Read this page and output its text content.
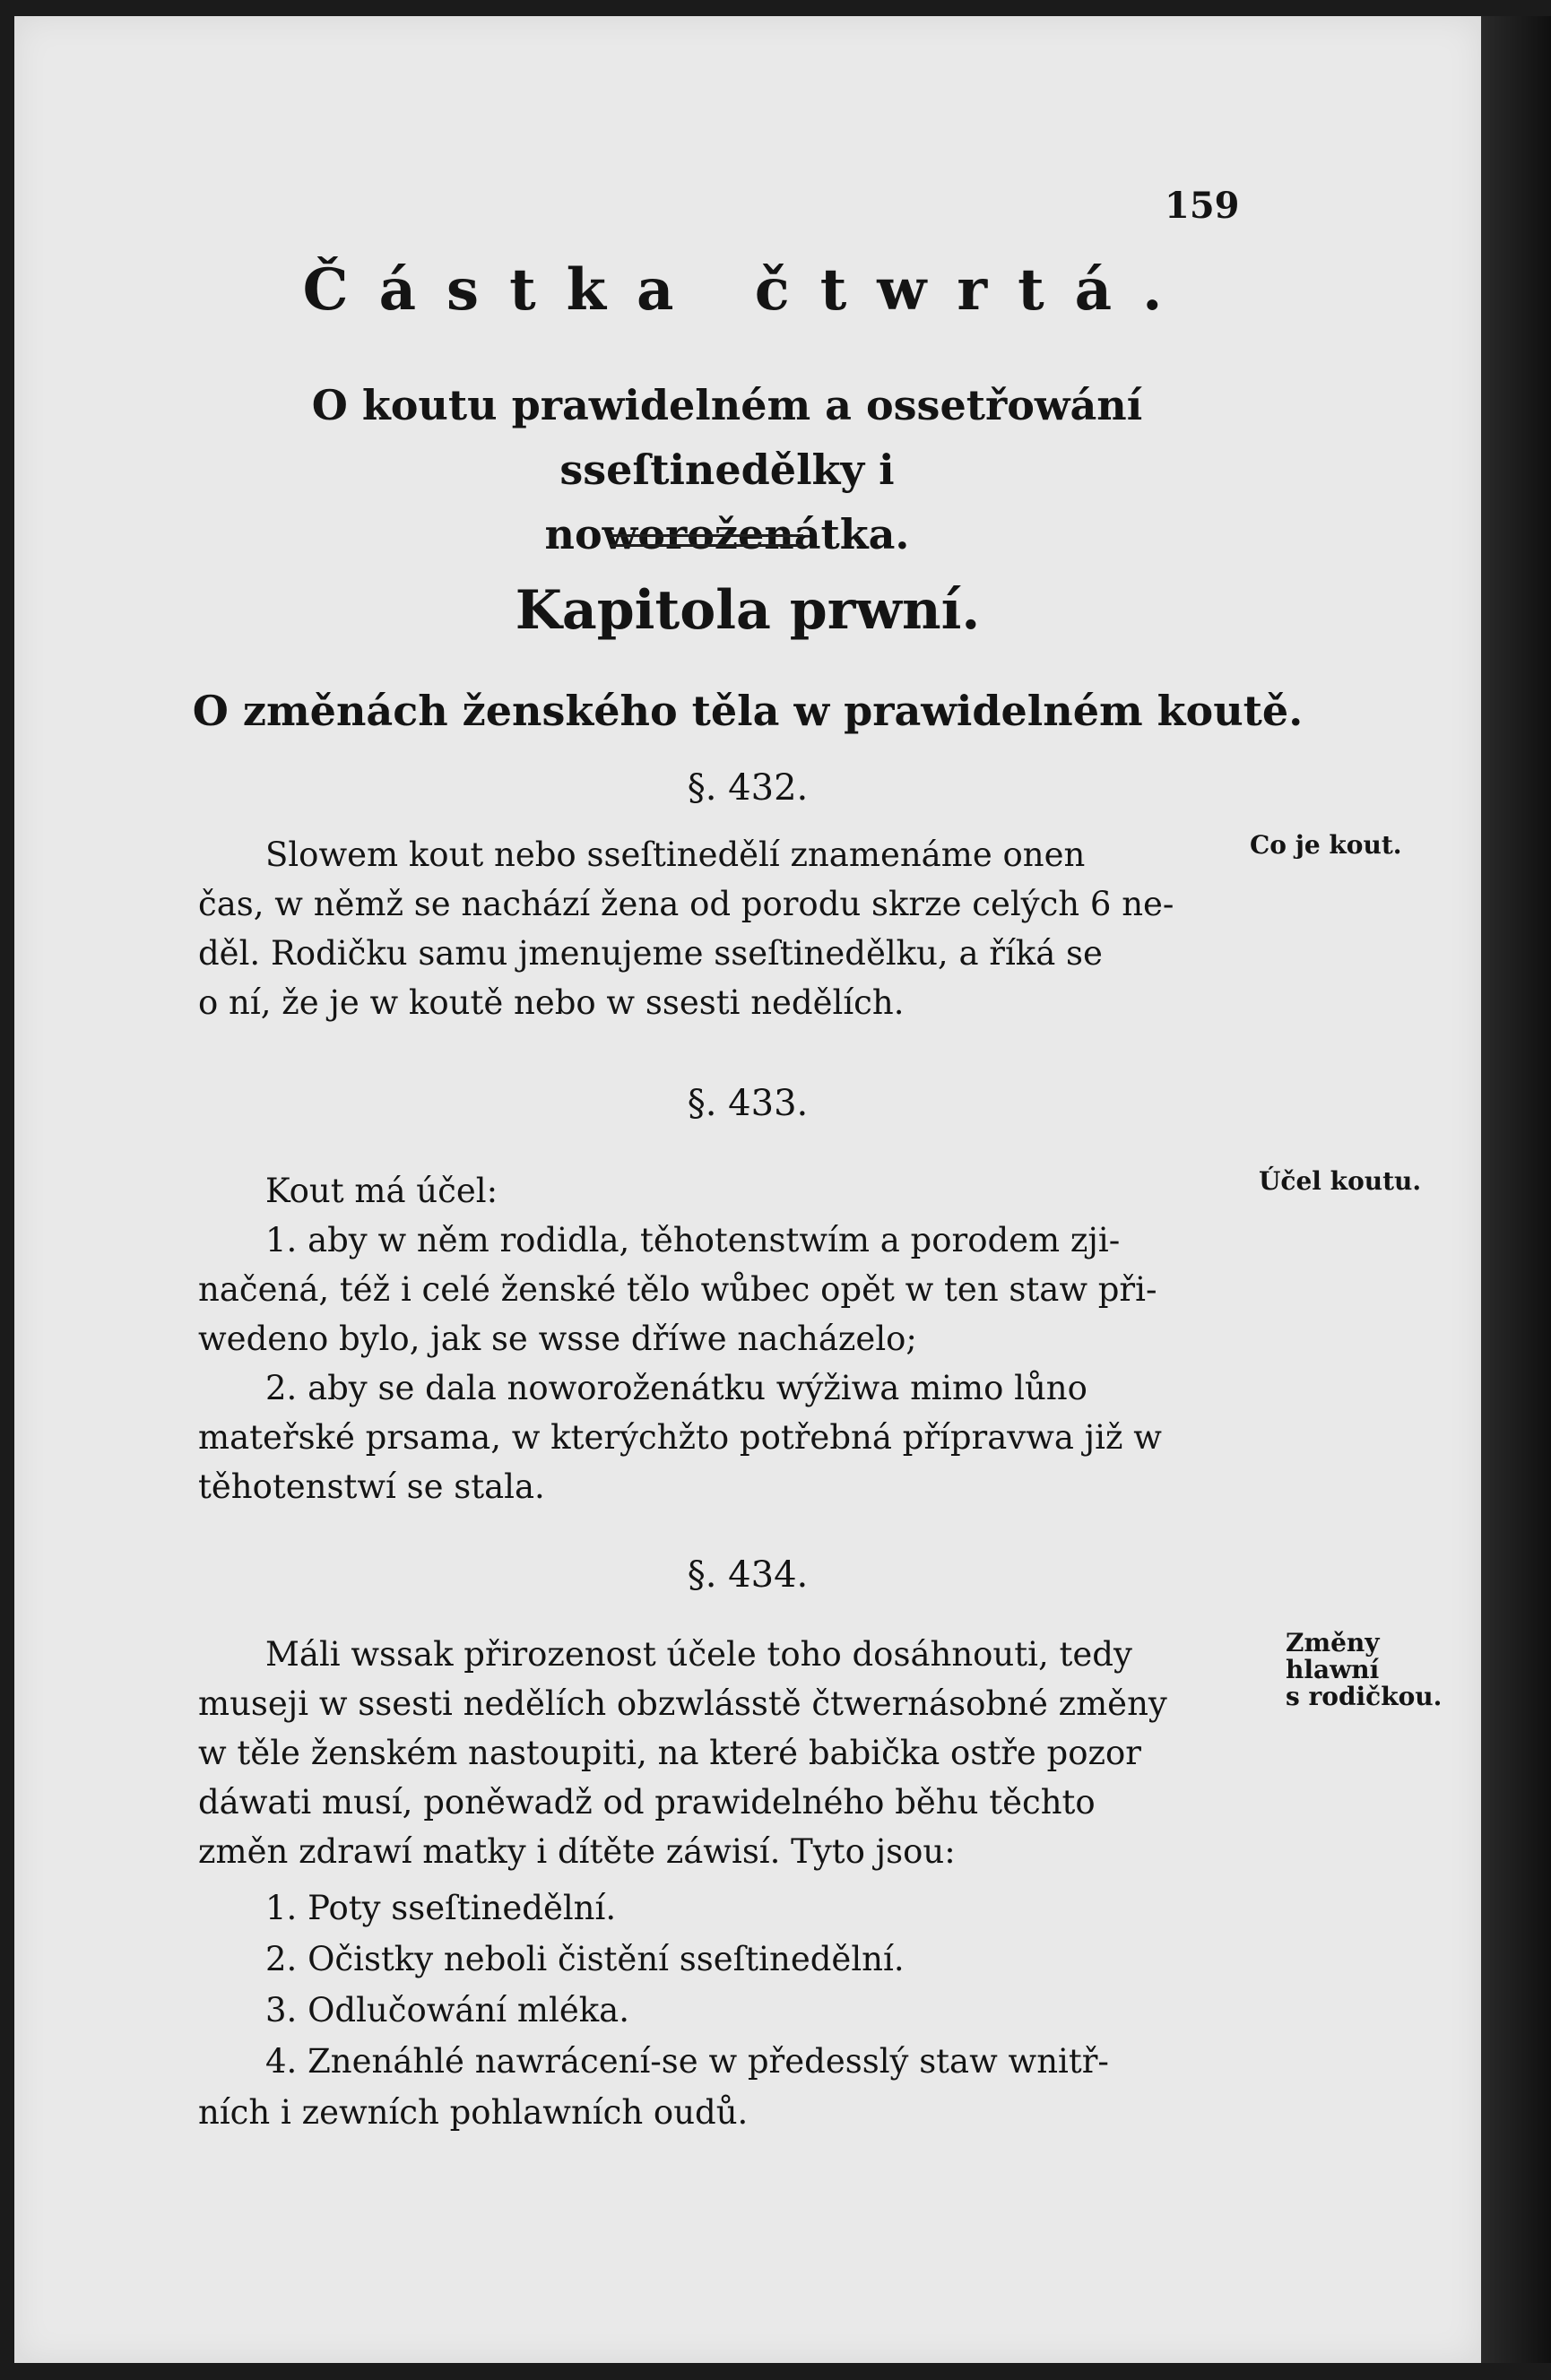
159
Částka čtwrtá.
O koutu prawidelném a ossetřowání sseſtinedělky i
noworoženátka.
Kapitola prwní.
O změnách ženského těla w prawidelném koutě.
§. 432.
Co je kout.

Slowem kout nebo sseſtinedělí znamenáme onen
čas, w němž se nachází žena od porodu skrze celých 6 ne-
děl. Rodičku samu jmenujeme sseſtinedělku, a říká se
o ní, že je w koutě nebo w ssesti nedělích.

§. 433.
Účel koutu.

Kout má účel:
1. aby w něm rodidla, těhotenstwím a porodem zji-
načená, též i celé ženské tělo wůbec opět w ten staw při-
wedeno bylo, jak se wsse dříwe nacházelo;
2. aby se dala noworoženátku wýžiwa mimo lůno
mateřské prsama, w kterýchžto potřebná přípravwa již w
těhotenstwí se stala.

§. 434.
Změny
hlawní
s rodičkou.

Máli wssak přirozenost účele toho dosáhnouti, tedy
museji w ssesti nedělích obzwlásstě čtwernásobné změny
w těle ženském nastoupiti, na které babička ostře pozor
dáwati musí, poněwadž od prawidelného běhu těchto
změn zdrawí matky i dítěte záwisí. Tyto jsou:

1. Poty sseſtinedělní.
2. Očistky neboli čistění sseſtinedělní.
3. Odlučowání mléka.
4. Znenáhlé nawrácení-se w předesslý staw wnitř-
ních i zewních pohlawních oudů.
